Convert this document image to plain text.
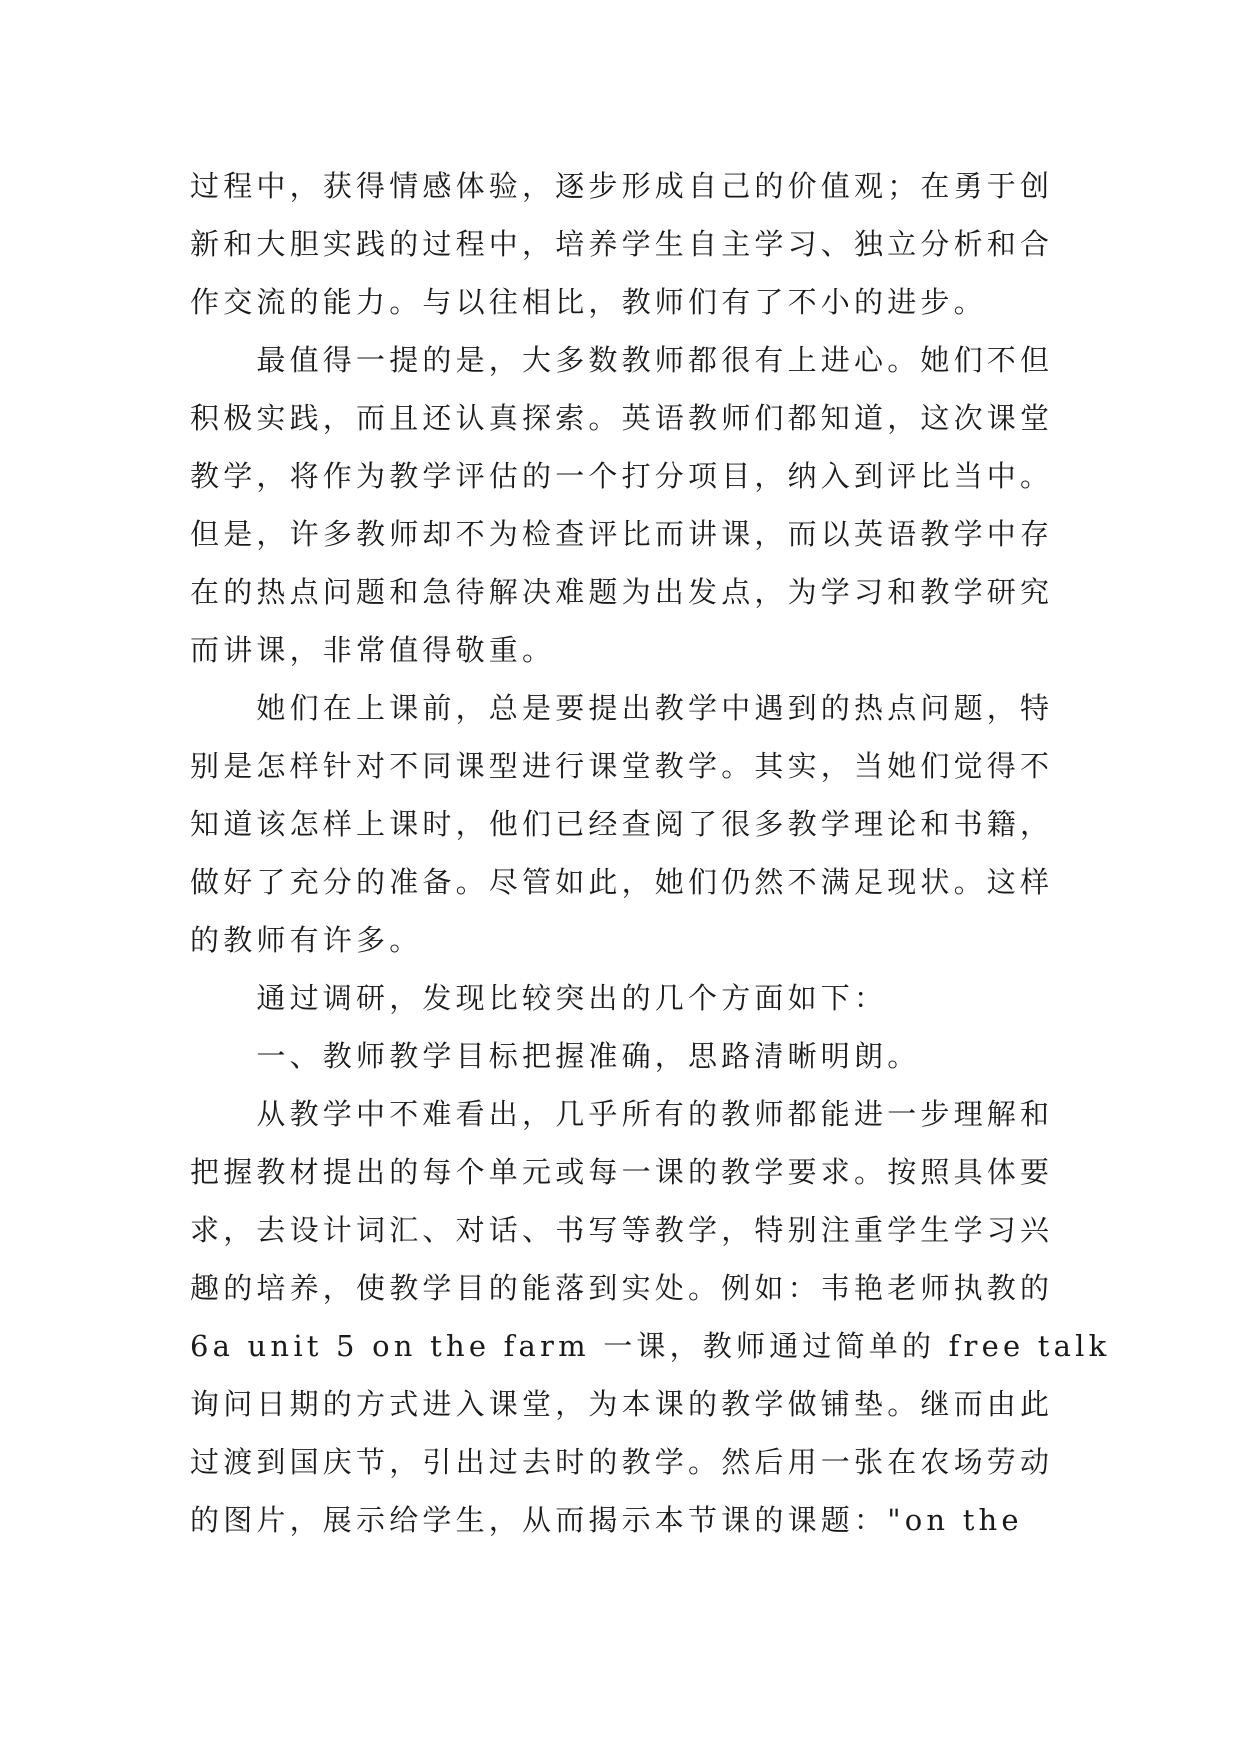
过程中，获得情感体验，逐步形成自己的价值观；在勇于创
新和大胆实践的过程中，培养学生自主学习、独立分析和合
作交流的能力。与以往相比，教师们有了不小的进步。
　　最值得一提的是，大多数教师都很有上进心。她们不但
积极实践，而且还认真探索。英语教师们都知道，这次课堂
教学，将作为教学评估的一个打分项目，纳入到评比当中。
但是，许多教师却不为检查评比而讲课，而以英语教学中存
在的热点问题和急待解决难题为出发点，为学习和教学研究
而讲课，非常值得敬重。
　　她们在上课前，总是要提出教学中遇到的热点问题，特
别是怎样针对不同课型进行课堂教学。其实，当她们觉得不
知道该怎样上课时，他们已经查阅了很多教学理论和书籍，
做好了充分的准备。尽管如此，她们仍然不满足现状。这样
的教师有许多。
　　通过调研，发现比较突出的几个方面如下：
　　一、教师教学目标把握准确，思路清晰明朗。
　　从教学中不难看出，几乎所有的教师都能进一步理解和
把握教材提出的每个单元或每一课的教学要求。按照具体要
求，去设计词汇、对话、书写等教学，特别注重学生学习兴
趣的培养，使教学目的能落到实处。例如：韦艳老师执教的
6a unit 5 on the farm 一课，教师通过简单的 free talk
询问日期的方式进入课堂，为本课的教学做铺垫。继而由此
过渡到国庆节，引出过去时的教学。然后用一张在农场劳动
的图片，展示给学生，从而揭示本节课的课题："on the
